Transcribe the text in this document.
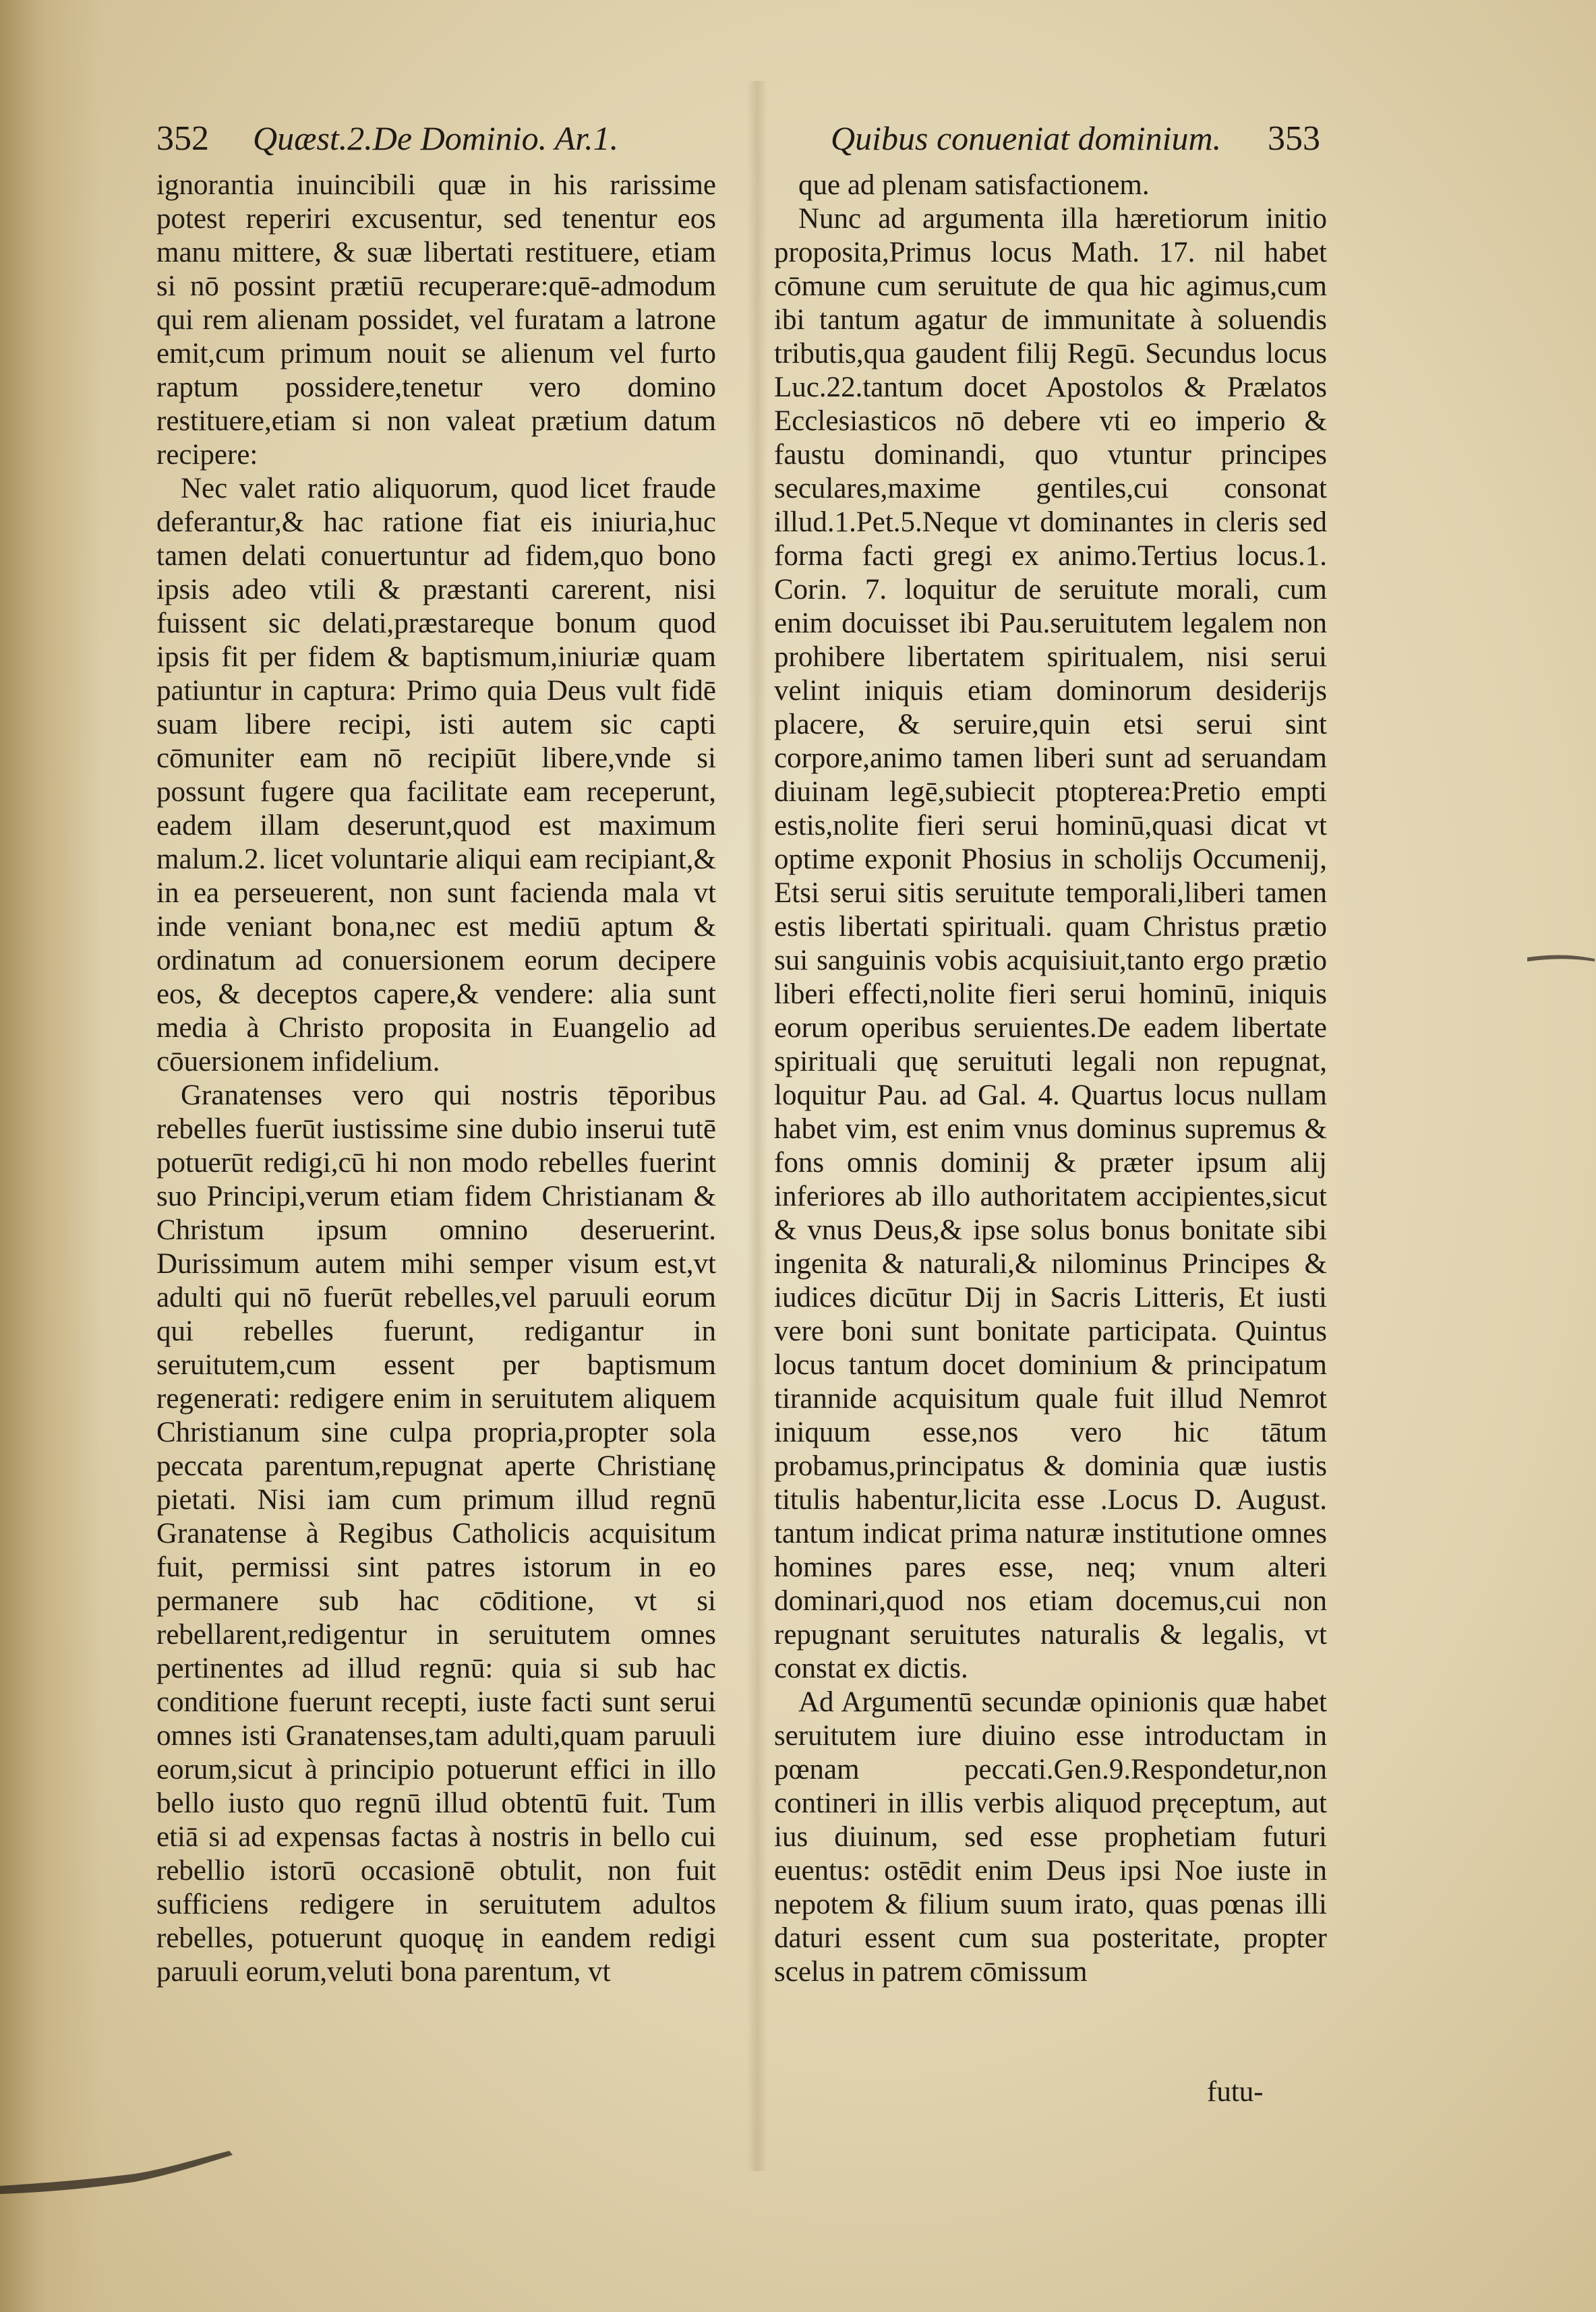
352 Quæst.2.De Dominio. Ar.1.	Quibus conueniat dominium. 353

ignorantia inuincibili quæ in his rarissime potest reperiri excusentur, sed tenentur eos manu mittere, & suæ libertati restituere, etiam si nō possint prætiū recuperare:quē-admodum qui rem alienam possidet, vel furatam a latrone emit,cum primum nouit se alienum vel furto raptum possidere,tenetur vero domino restituere,etiam si non valeat prætium datum recipere:

Nec valet ratio aliquorum, quod licet fraude deferantur,& hac ratione fiat eis iniuria,huc tamen delati conuertuntur ad fidem,quo bono ipsis adeo vtili & præstanti carerent, nisi fuissent sic delati,præstareque bonum quod ipsis fit per fidem & baptismum,iniuriæ quam patiuntur in captura: Primo quia Deus vult fidē suam libere recipi, isti autem sic capti cōmuniter eam nō recipiūt libere,vnde si possunt fugere qua facilitate eam receperunt, eadem illam deserunt,quod est maximum malum.2. licet voluntarie aliqui eam recipiant,& in ea perseuerent, non sunt facienda mala vt inde veniant bona,nec est mediū aptum & ordinatum ad conuersionem eorum decipere eos, & deceptos capere,& vendere: alia sunt media à Christo proposita in Euangelio ad cōuersionem infidelium.

Granatenses vero qui nostris tēporibus rebelles fuerūt iustissime sine dubio inserui tutē potuerūt redigi,cū hi non modo rebelles fuerint suo Principi,verum etiam fidem Christianam & Christum ipsum omnino deseruerint. Durissimum autem mihi semper visum est,vt adulti qui nō fuerūt rebelles,vel paruuli eorum qui rebelles fuerunt, redigantur in seruitutem,cum essent per baptismum regenerati: redigere enim in seruitutem aliquem Christianum sine culpa propria,propter sola peccata parentum,repugnat aperte Christianę pietati. Nisi iam cum primum illud regnū Granatense à Regibus Catholicis acquisitum fuit, permissi sint patres istorum in eo permanere sub hac cōditione, vt si rebellarent,redigentur in seruitutem omnes pertinentes ad illud regnū: quia si sub hac conditione fuerunt recepti, iuste facti sunt serui omnes isti Granatenses,tam adulti,quam paruuli eorum,sicut à principio potuerunt effici in illo bello iusto quo regnū illud obtentū fuit. Tum etiā si ad expensas factas à nostris in bello cui rebellio istorū occasionē obtulit, non fuit sufficiens redigere in seruitutem adultos rebelles, potuerunt quoquę in eandem redigi paruuli eorum,veluti bona parentum, vt

que ad plenam satisfactionem.

Nunc ad argumenta illa hæretiorum initio proposita,Primus locus Math. 17. nil habet cōmune cum seruitute de qua hic agimus,cum ibi tantum agatur de immunitate à soluendis tributis,qua gaudent filij Regū. Secundus locus Luc.22.tantum docet Apostolos & Prælatos Ecclesiasticos nō debere vti eo imperio & faustu dominandi, quo vtuntur principes seculares,maxime gentiles,cui consonat illud.1.Pet.5.Neque vt dominantes in cleris sed forma facti gregi ex animo.Tertius locus.1. Corin. 7. loquitur de seruitute morali, cum enim docuisset ibi Pau.seruitutem legalem non prohibere libertatem spiritualem, nisi serui velint iniquis etiam dominorum desiderijs placere, & seruire,quin etsi serui sint corpore,animo tamen liberi sunt ad seruandam diuinam legē,subiecit ptopterea:Pretio empti estis,nolite fieri serui hominū,quasi dicat vt optime exponit Phosius in scholijs Occumenij, Etsi serui sitis seruitute temporali,liberi tamen estis libertati spirituali. quam Christus prætio sui sanguinis vobis acquisiuit,tanto ergo prætio liberi effecti,nolite fieri serui hominū, iniquis eorum operibus seruientes.De eadem libertate spirituali quę seruituti legali non repugnat, loquitur Pau. ad Gal. 4. Quartus locus nullam habet vim, est enim vnus dominus supremus & fons omnis dominij & præter ipsum alij inferiores ab illo authoritatem accipientes,sicut & vnus Deus,& ipse solus bonus bonitate sibi ingenita & naturali,& nilominus Principes & iudices dicūtur Dij in Sacris Litteris, Et iusti vere boni sunt bonitate participata. Quintus locus tantum docet dominium & principatum tirannide acquisitum quale fuit illud Nemrot iniquum esse,nos vero hic tātum probamus,principatus & dominia quæ iustis titulis habentur,licita esse .Locus D. August. tantum indicat prima naturæ institutione omnes homines pares esse, neq; vnum alteri dominari,quod nos etiam docemus,cui non repugnant seruitutes naturalis & legalis, vt constat ex dictis.

Ad Argumentū secundæ opinionis quæ habet seruitutem iure diuino esse introductam in pœnam peccati.Gen.9.Respondetur,non contineri in illis verbis aliquod pręceptum, aut ius diuinum, sed esse prophetiam futuri euentus: ostēdit enim Deus ipsi Noe iuste in nepotem & filium suum irato, quas pœnas illi daturi essent cum sua posteritate, propter scelus in patrem cōmissum

futu-
